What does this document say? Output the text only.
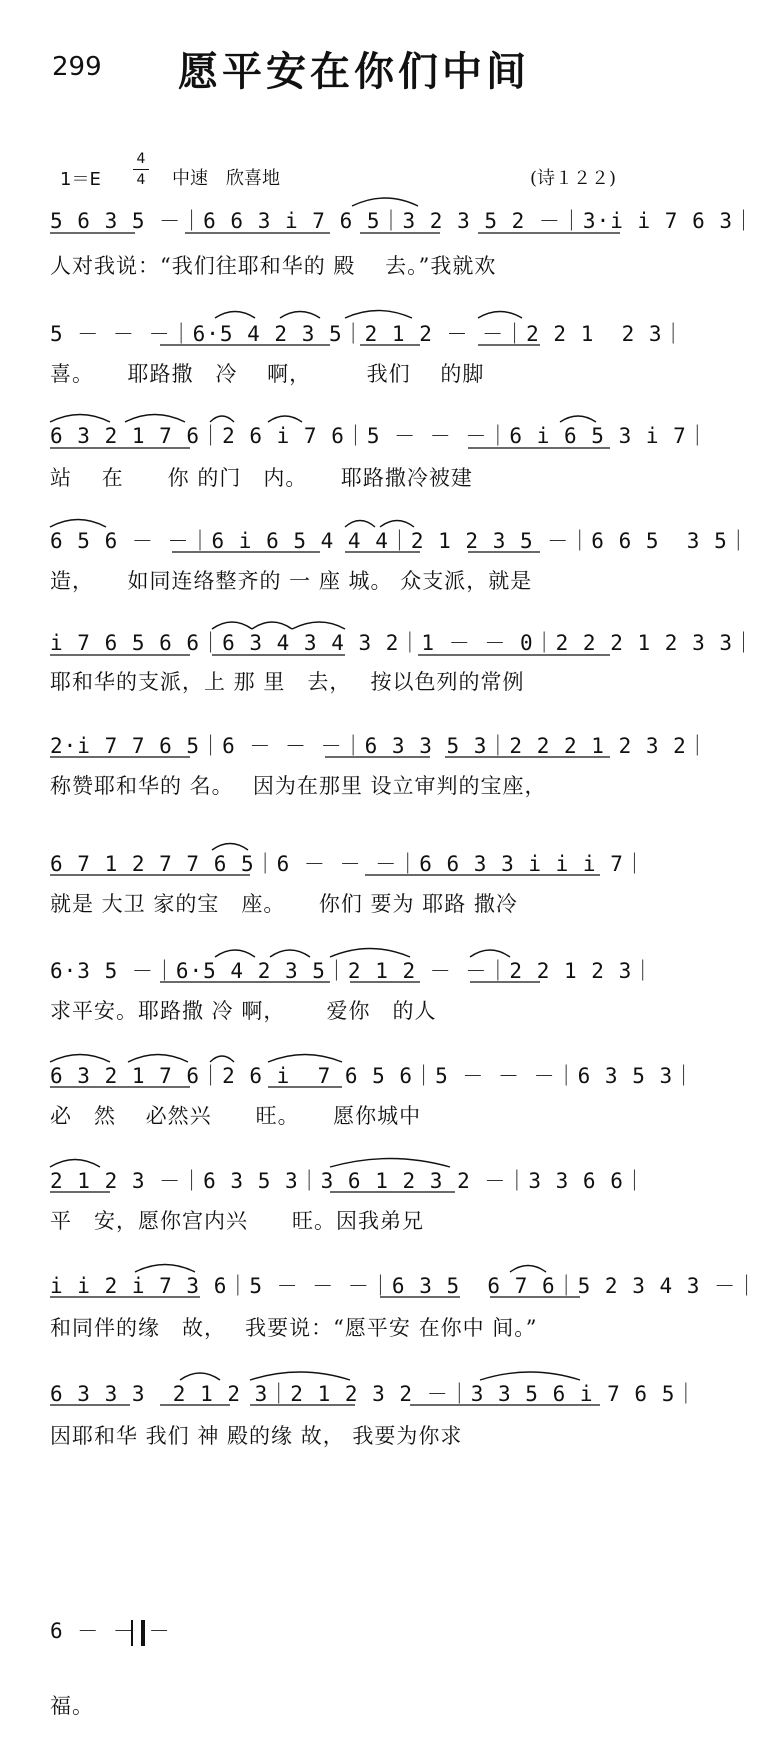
299 愿平安在你们中间
1＝E
4
4 中速　欣喜地	(诗１２２)
5 6 3 5 －｜6 6 3 i 7 6 5｜3 2 3 5 2 －｜3·i i 7 6 3｜
人对我说：“我们往耶和华的 殿　 去。”我就欢
5 － － －｜6·5 4 2 3 5｜2 1 2 － －｜2 2 1  2 3｜
喜。　　耶路撒　冷　 啊，　　　我们　 的脚
6 3 2 1 7 6｜2 6 i 7 6｜5 － － －｜6 i 6 5 3 i 7｜
站　 在　　你 的门　内。　　耶路撒冷被建
6 5 6 － －｜6 i 6 5 4 4 4｜2 1 2 3 5 －｜6 6 5  3 5｜
造，　　如同连络整齐的 一 座 城。 众支派，就是
i 7 6 5 6 6｜6 3 4 3 4 3 2｜1 － － 0｜2 2 2 1 2 3 3｜
耶和华的支派，上 那 里　去，　 按以色列的常例
2·i 7 7 6 5｜6 － － －｜6 3 3 5 3｜2 2 2 1 2 3 2｜
称赞耶和华的 名。　 因为在那里 设立审判的宝座，
6 7 1 2 7 7 6 5｜6 － － －｜6 6 3 3 i i i 7｜
就是 大卫 家的宝　座。　　你们 要为 耶路 撒冷
6·3 5 －｜6·5 4 2 3 5｜2 1 2 － －｜2 2 1 2 3｜
求平安。耶路撒 冷 啊，　　 爱你　的人
6 3 2 1 7 6｜2 6 i  7 6 5 6｜5 － － －｜6 3 5 3｜
必　然　 必然兴　　旺。　　愿你城中
2 1 2 3 －｜6 3 5 3｜3 6 1 2 3 2 －｜3 3 6 6｜
平　安，愿你宫内兴　　旺。因我弟兄
i i 2 i 7 3 6｜5 － － －｜6 3 5  6 7 6｜5 2 3 4 3 －｜
和同伴的缘　故，　 我要说：“愿平安 在你中 间。”
6 3 3 3  2 1 2 3｜2 1 2 3 2 －｜3 3 5 6 i 7 6 5｜
因耶和华 我们 神 殿的缘 故， 我要为你求
6 － － －
福。
